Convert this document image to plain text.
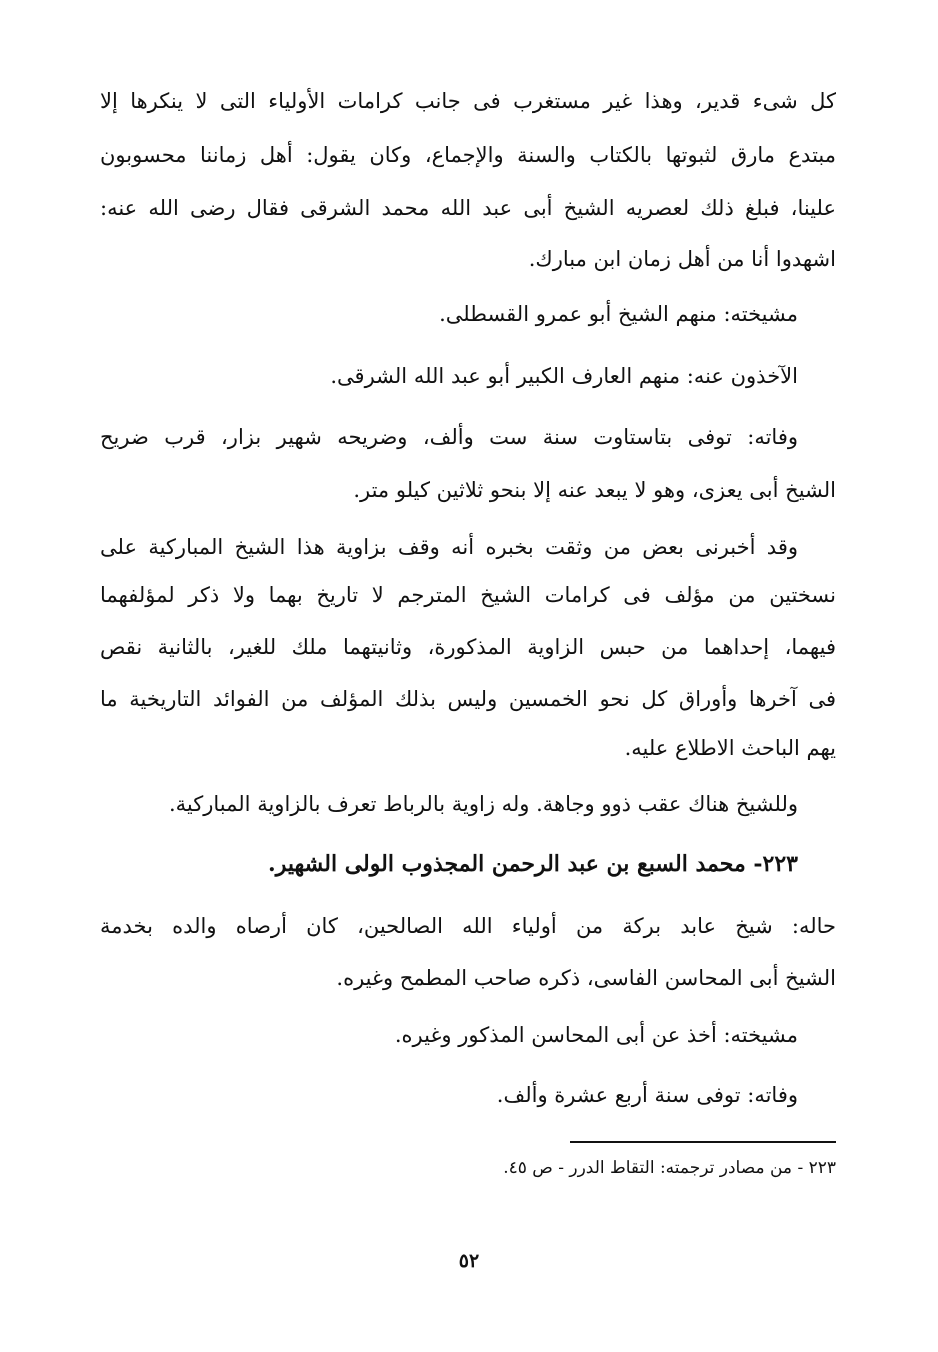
كل شىء قدير، وهذا غير مستغرب فى جانب كرامات الأولياء التى لا ينكرها إلا
مبتدع مارق لثبوتها بالكتاب والسنة والإجماع، وكان يقول: أهل زماننا محسوبون
علينا، فبلغ ذلك لعصريه الشيخ أبى عبد الله محمد الشرقى فقال رضى الله عنه:
اشهدوا أنا من أهل زمان ابن مبارك.
مشيخته: منهم الشيخ أبو عمرو القسطلى.
الآخذون عنه: منهم العارف الكبير أبو عبد الله الشرقى.
وفاته: توفى بتاستاوت سنة ست وألف، وضريحه شهير بزار، قرب ضريح
الشيخ أبى يعزى، وهو لا يبعد عنه إلا بنحو ثلاثين كيلو متر.
وقد أخبرنى بعض من وثقت بخبره أنه وقف بزاوية هذا الشيخ المباركية على
نسختين من مؤلف فى كرامات الشيخ المترجم لا تاريخ بهما ولا ذكر لمؤلفهما
فيهما، إحداهما من حبس الزاوية المذكورة، وثانيتهما ملك للغير، بالثانية نقص
فى آخرها وأوراق كل نحو الخمسين وليس بذلك المؤلف من الفوائد التاريخية ما
يهم الباحث الاطلاع عليه.
وللشيخ هناك عقب ذوو وجاهة. وله زاوية بالرباط تعرف بالزاوية المباركية.
٢٢٣- محمد السبع بن عبد الرحمن المجذوب الولى الشهير.
حاله: شيخ عابد بركة من أولياء الله الصالحين، كان أرصاه والده بخدمة
الشيخ أبى المحاسن الفاسى، ذكره صاحب المطمح وغيره.
مشيخته: أخذ عن أبى المحاسن المذكور وغيره.
وفاته: توفى سنة أربع عشرة وألف.
٢٢٣ - من مصادر ترجمته: التقاط الدرر - ص ٤٥.
٥٢
